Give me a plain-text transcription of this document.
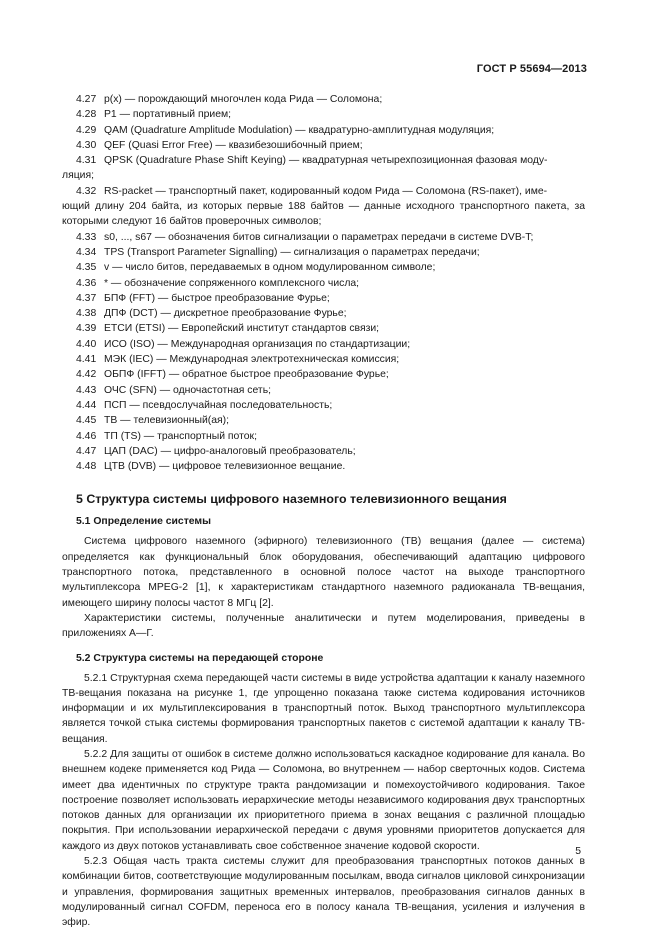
ГОСТ Р 55694—2013
4.27 p(x) — порождающий многочлен кода Рида — Соломона;
4.28 P1 — портативный прием;
4.29 QAM (Quadrature Amplitude Modulation) — квадратурно-амплитудная модуляция;
4.30 QEF (Quasi Error Free) — квазибезошибочный прием;
4.31 QPSK (Quadrature Phase Shift Keying) — квадратурная четырехпозиционная фазовая моду-
ляция;
4.32 RS-packet — транспортный пакет, кодированный кодом Рида — Соломона (RS-пакет), име-
ющий длину 204 байта, из которых первые 188 байтов — данные исходного транспортного пакета, за которыми следуют 16 байтов проверочных символов;
4.33 s0, ..., s67 — обозначения битов сигнализации о параметрах передачи в системе DVB-T;
4.34 TPS (Transport Parameter Signalling) — сигнализация о параметрах передачи;
4.35 v — число битов, передаваемых в одном модулированном символе;
4.36 * — обозначение сопряженного комплексного числа;
4.37 БПФ (FFT) — быстрое преобразование Фурье;
4.38 ДПФ (DCT) — дискретное преобразование Фурье;
4.39 ЕТСИ (ETSI) — Европейский институт стандартов связи;
4.40 ИСО (ISO) — Международная организация по стандартизации;
4.41 МЭК (IEC) — Международная электротехническая комиссия;
4.42 ОБПФ (IFFT) — обратное быстрое преобразование Фурье;
4.43 ОЧС (SFN) — одночастотная сеть;
4.44 ПСП — псевдослучайная последовательность;
4.45 ТВ — телевизионный(ая);
4.46 ТП (TS) — транспортный поток;
4.47 ЦАП (DAC) — цифро-аналоговый преобразователь;
4.48 ЦТВ (DVB) — цифровое телевизионное вещание.
5 Структура системы цифрового наземного телевизионного вещания
5.1 Определение системы

Система цифрового наземного (эфирного) телевизионного (ТВ) вещания (далее — система) определяется как функциональный блок оборудования, обеспечивающий адаптацию цифрового транспортного потока, представленного в основной полосе частот на выходе транспортного мультиплексора MPEG-2 [1], к характеристикам стандартного наземного радиоканала ТВ-вещания, имеющего ширину полосы частот 8 МГц [2].

Характеристики системы, полученные аналитически и путем моделирования, приведены в приложениях А—Г.

5.2 Структура системы на передающей стороне

5.2.1 Структурная схема передающей части системы в виде устройства адаптации к каналу наземного ТВ-вещания показана на рисунке 1, где упрощенно показана также система кодирования источников информации и их мультиплексирования в транспортный поток. Выход транспортного мультиплексора является точкой стыка системы формирования транспортных пакетов с системой адаптации к каналу ТВ-вещания.

5.2.2 Для защиты от ошибок в системе должно использоваться каскадное кодирование для канала. Во внешнем кодеке применяется код Рида — Соломона, во внутреннем — набор сверточных кодов. Система имеет два идентичных по структуре тракта рандомизации и помехоустойчивого кодирования. Такое построение позволяет использовать иерархические методы независимого кодирования двух транспортных потоков данных для организации их приоритетного приема в зонах вещания с различной площадью покрытия. При использовании иерархической передачи с двумя уровнями приоритетов допускается для каждого из двух потоков устанавливать свое собственное значение кодовой скорости.

5.2.3 Общая часть тракта системы служит для преобразования транспортных потоков данных в комбинации битов, соответствующие модулированным посылкам, ввода сигналов цикловой синхронизации и управления, формирования защитных временных интервалов, преобразования сигналов данных в модулированный сигнал COFDM, переноса его в полосу канала ТВ-вещания, усиления и излучения в эфир.

5
